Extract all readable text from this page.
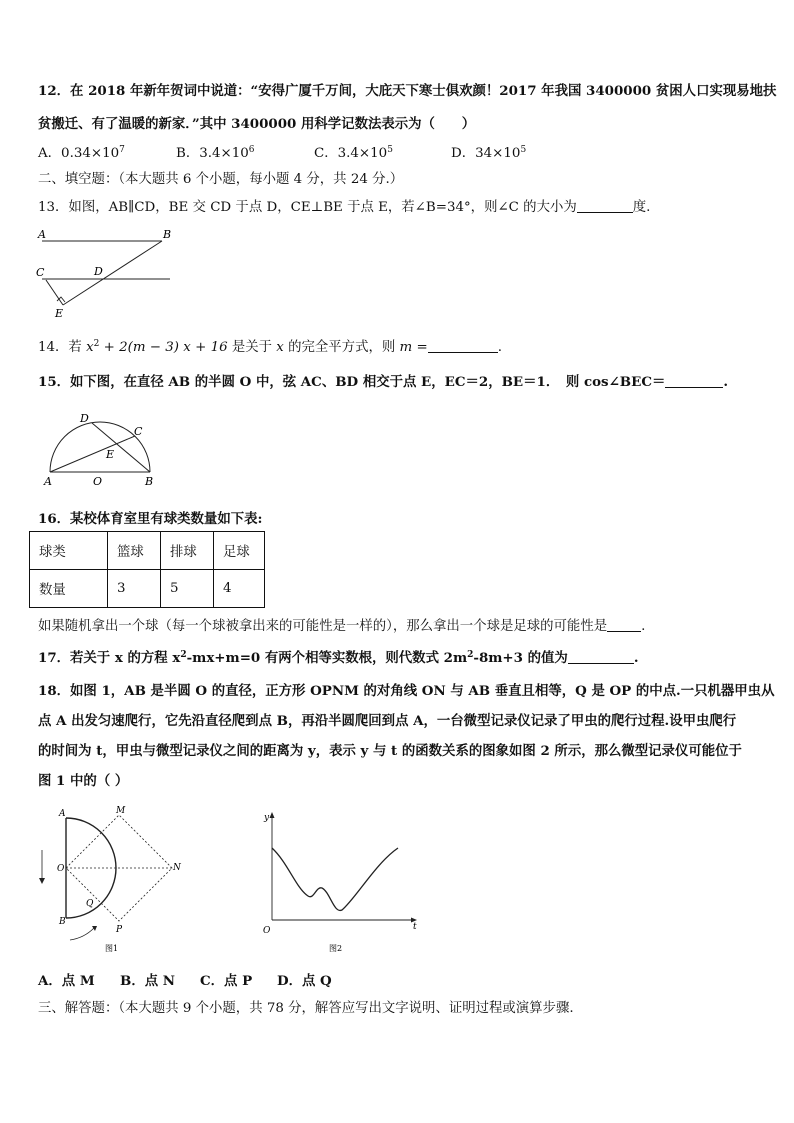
12．在 2018 年新年贺词中说道：“安得广厦千万间，大庇天下寒士俱欢颜！2017 年我国 3400000 贫困人口实现易地扶
贫搬迁、有了温暖的新家．”其中 3400000 用科学记数法表示为（　　）
A．$0.34\times 10^7$	B．$3.4\times 10^6$	C．$3.4\times 10^5$	D．$34\times 10^5$
二、填空题：（本大题共 6 个小题，每小题 4 分，共 24 分.）
13．如图，AB∥CD，BE 交 CD 于点 D，CE⊥BE 于点 E，若∠B=34°，则∠C 的大小为	度.
A	B
C	D
E
14．若 $x^2 + 2(m - 3) x + 16$ 是关于 x 的完全平方式，则 m =	.
15．如下图，在直径 AB 的半圆 O 中，弦 AC、BD 相交于点 E，EC＝2，BE＝1．　则 cos∠BEC＝	.
A	B
C
D
E
O
16．某校体育室里有球类数量如下表:
球类	篮球	排球	足球
数量	3	5	4
如果随机拿出一个球（每一个球被拿出来的可能性是一样的），那么拿出一个球是足球的可能性是	.
17．若关于 x 的方程 $x^2-mx+m=0$ 有两个相等实数根，则代数式 $2m^2-8m+3$ 的值为	.
18．如图 1，AB 是半圆 O 的直径，正方形 OPNM 的对角线 ON 与 AB 垂直且相等，Q 是 OP 的中点.一只机器甲虫从
点 A 出发匀速爬行，它先沿直径爬到点 B，再沿半圆爬回到点 A，一台微型记录仪记录了甲虫的爬行过程.设甲虫爬行
的时间为 t，甲虫与微型记录仪之间的距离为 y，表示 y 与 t 的函数关系的图象如图 2 所示，那么微型记录仪可能位于
图 1 中的（ ）
A	M
O	N
Q
B
P
图1
y
O	t
图2
A．点 M B．点 N C．点 P D．点 Q
三、解答题：（本大题共 9 个小题，共 78 分，解答应写出文字说明、证明过程或演算步骤.
